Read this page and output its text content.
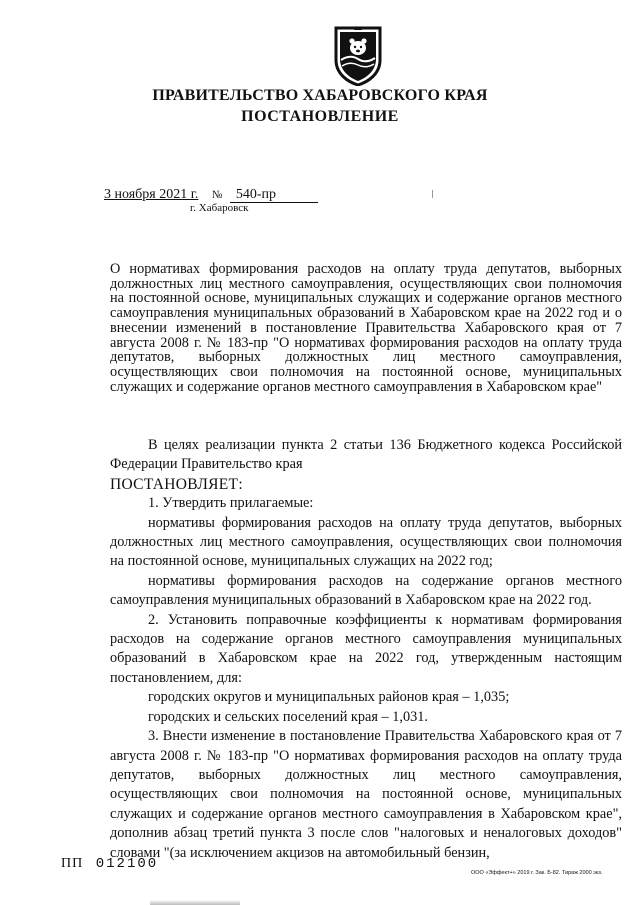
ПРАВИТЕЛЬСТВО ХАБАРОВСКОГО КРАЯ
ПОСТАНОВЛЕНИЕ
3 ноября 2021 г. № 540-пр
г. Хабаровск
О нормативах формирования расходов на оплату труда депутатов, выборных должностных лиц местного самоуправления, осуществляющих свои полномочия на постоянной основе, муниципальных служащих и содержание органов местного самоуправления муниципальных образований в Хабаровском крае на 2022 год и о внесении изменений в постановление Правительства Хабаровского края от 7 августа 2008 г. № 183-пр "О нормативах формирования расходов на оплату труда депутатов, выборных должностных лиц местного самоуправления, осуществляющих свои полномочия на постоянной основе, муниципальных служащих и содержание органов местного самоуправления в Хабаровском крае"

В целях реализации пункта 2 статьи 136 Бюджетного кодекса Российской Федерации Правительство края

ПОСТАНОВЛЯЕТ:

1. Утвердить прилагаемые:

нормативы формирования расходов на оплату труда депутатов, выборных должностных лиц местного самоуправления, осуществляющих свои полномочия на постоянной основе, муниципальных служащих на 2022 год;

нормативы формирования расходов на содержание органов местного самоуправления муниципальных образований в Хабаровском крае на 2022 год.

2. Установить поправочные коэффициенты к нормативам формирования расходов на содержание органов местного самоуправления муниципальных образований в Хабаровском крае на 2022 год, утвержденным настоящим постановлением, для:

городских округов и муниципальных районов края – 1,035;

городских и сельских поселений края – 1,031.

3. Внести изменение в постановление Правительства Хабаровского края от 7 августа 2008 г. № 183-пр "О нормативах формирования расходов на оплату труда депутатов, выборных должностных лиц местного самоуправления, осуществляющих свои полномочия на постоянной основе, муниципальных служащих и содержание органов местного самоуправления в Хабаровском крае", дополнив абзац третий пункта 3 после слов "налоговых и неналоговых доходов" словами "(за исключением акцизов на автомобильный бензин,

ПП 012100
ООО «Эффект+» 2019 г. Зак. Б-82. Тираж 2000 экз.
